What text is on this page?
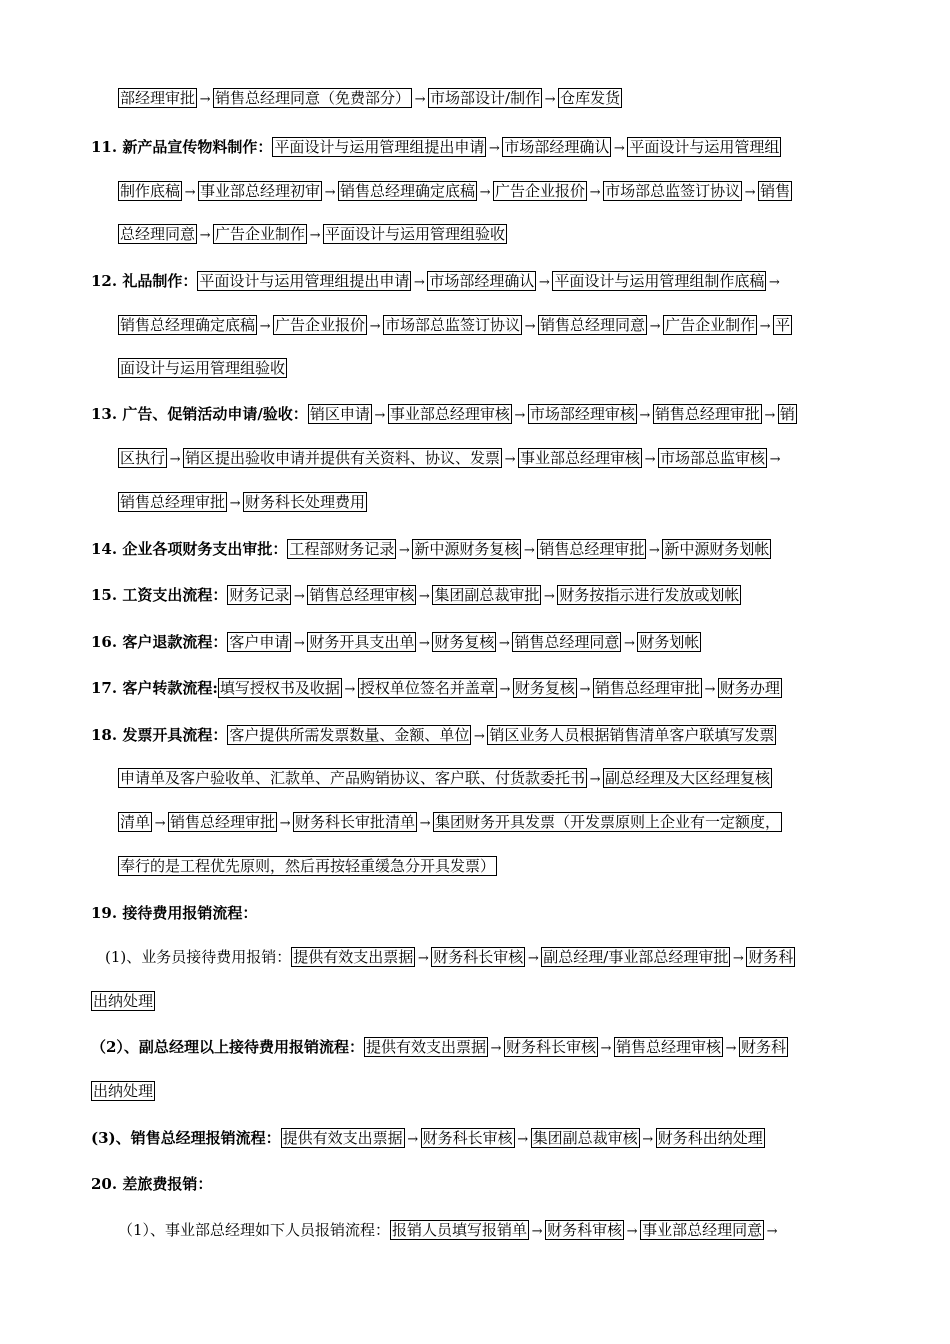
部经理审批 → 销售总经理同意（免费部分） → 市场部设计/制作 → 仓库发货
11. 新产品宣传物料制作： 平面设计与运用管理组提出申请 → 市场部经理确认 → 平面设计与运用管理组
制作底稿 → 事业部总经理初审 → 销售总经理确定底稿 → 广告企业报价 → 市场部总监签订协议 → 销售
总经理同意 → 广告企业制作 → 平面设计与运用管理组验收
12. 礼品制作： 平面设计与运用管理组提出申请 → 市场部经理确认 → 平面设计与运用管理组制作底稿 →
销售总经理确定底稿 → 广告企业报价 → 市场部总监签订协议 → 销售总经理同意 → 广告企业制作 → 平
面设计与运用管理组验收
13. 广告、促销活动申请/验收： 销区申请 → 事业部总经理审核 → 市场部经理审核 → 销售总经理审批 → 销
区执行 → 销区提出验收申请并提供有关资料、协议、发票 → 事业部总经理审核 → 市场部总监审核 →
销售总经理审批 → 财务科长处理费用
14. 企业各项财务支出审批： 工程部财务记录 → 新中源财务复核 → 销售总经理审批 → 新中源财务划帐
15. 工资支出流程： 财务记录 → 销售总经理审核 → 集团副总裁审批 → 财务按指示进行发放或划帐
16. 客户退款流程： 客户申请 → 财务开具支出单 → 财务复核 → 销售总经理同意 → 财务划帐
17. 客户转款流程: 填写授权书及收据 → 授权单位签名并盖章 → 财务复核 → 销售总经理审批 → 财务办理
18. 发票开具流程： 客户提供所需发票数量、金额、单位 → 销区业务人员根据销售清单客户联填写发票
申请单及客户验收单、汇款单、产品购销协议、客户联、付货款委托书 → 副总经理及大区经理复核
清单 → 销售总经理审批 → 财务科长审批清单 → 集团财务开具发票（开发票原则上企业有一定额度，
奉行的是工程优先原则，然后再按轻重缓急分开具发票）
19. 接待费用报销流程：
(1)、业务员接待费用报销： 提供有效支出票据 → 财务科长审核 → 副总经理/事业部总经理审批 → 财务科
出纳处理
（2）、副总经理以上接待费用报销流程： 提供有效支出票据 → 财务科长审核 → 销售总经理审核 → 财务科
出纳处理
(3)、销售总经理报销流程： 提供有效支出票据 → 财务科长审核 → 集团副总裁审核 → 财务科出纳处理
20. 差旅费报销：
（1）、事业部总经理如下人员报销流程： 报销人员填写报销单 → 财务科审核 → 事业部总经理同意 →
